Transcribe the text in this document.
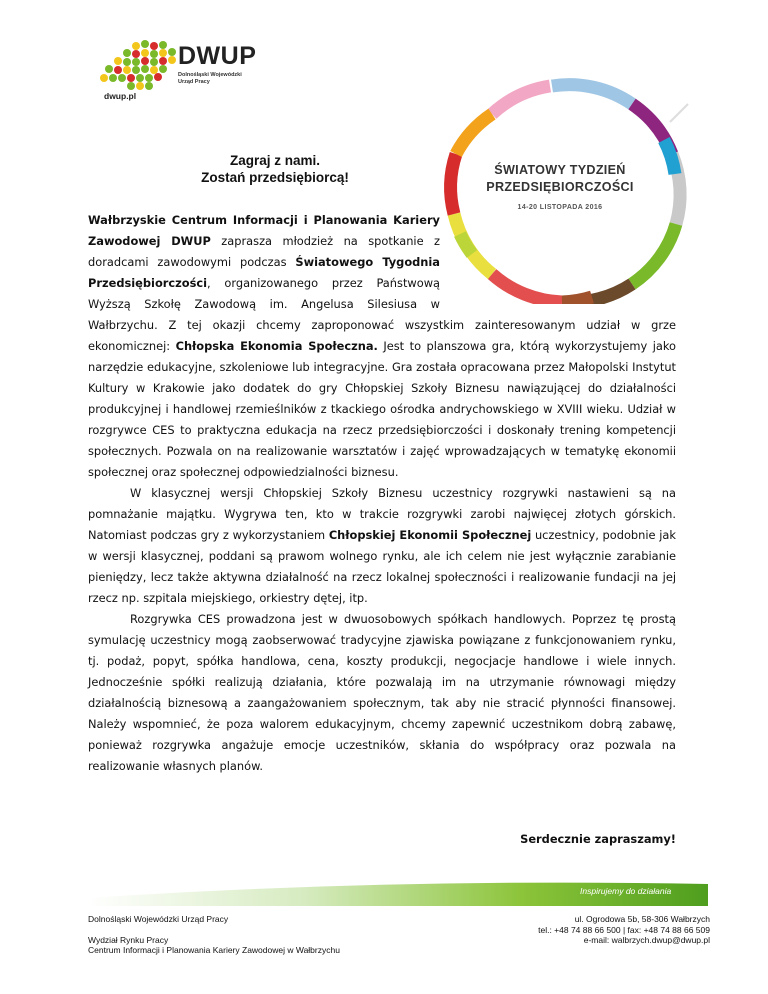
DWUP
Dolnośląski Wojewódzki
Urząd Pracy
dwup.pl
Zagraj z nami.
Zostań przedsiębiorcą!	ŚWIATOWY TYDZIEŃ
PRZEDSIĘBIORCZOŚCI
14-20 LISTOPADA 2016

Wałbrzyskie Centrum Informacji i Planowania Kariery Zawodowej DWUP zaprasza młodzież na spotkanie z doradcami zawodowymi podczas Światowego Tygodnia Przedsiębiorczości, organizowanego przez Państwową Wyższą Szkołę Zawodową im. Angelusa Silesiusa w Wałbrzychu. Z tej okazji chcemy zaproponować wszystkim zainteresowanym udział w grze ekonomicznej: Chłopska Ekonomia Społeczna. Jest to planszowa gra, którą wykorzystujemy jako narzędzie edukacyjne, szkoleniowe lub integracyjne. Gra została opracowana przez Małopolski Instytut Kultury w Krakowie jako dodatek do gry Chłopskiej Szkoły Biznesu nawiązującej do działalności produkcyjnej i handlowej rzemieślników z tkackiego ośrodka andrychowskiego w XVIII wieku. Udział w rozgrywce CES to praktyczna edukacja na rzecz przedsiębiorczości i doskonały trening kompetencji społecznych. Pozwala on na realizowanie warsztatów i zajęć wprowadzających w tematykę ekonomii społecznej oraz społecznej odpowiedzialności biznesu.

W klasycznej wersji Chłopskiej Szkoły Biznesu uczestnicy rozgrywki nastawieni są na pomnażanie majątku. Wygrywa ten, kto w trakcie rozgrywki zarobi najwięcej złotych górskich. Natomiast podczas gry z wykorzystaniem Chłopskiej Ekonomii Społecznej uczestnicy, podobnie jak w wersji klasycznej, poddani są prawom wolnego rynku, ale ich celem nie jest wyłącznie zarabianie pieniędzy, lecz także aktywna działalność na rzecz lokalnej społeczności i realizowanie fundacji na jej rzecz np. szpitala miejskiego, orkiestry dętej, itp.

Rozgrywka CES prowadzona jest w dwuosobowych spółkach handlowych. Poprzez tę prostą symulację uczestnicy mogą zaobserwować tradycyjne zjawiska powiązane z funkcjonowaniem rynku, tj. podaż, popyt, spółka handlowa, cena, koszty produkcji, negocjacje handlowe i wiele innych. Jednocześnie spółki realizują działania, które pozwalają im na utrzymanie równowagi między działalnością biznesową a zaangażowaniem społecznym, tak aby nie stracić płynności finansowej. Należy wspomnieć, że poza walorem edukacyjnym, chcemy zapewnić uczestnikom dobrą zabawę, ponieważ rozgrywka angażuje emocje uczestników, skłania do współpracy oraz pozwala na realizowanie własnych planów.

Serdecznie zapraszamy!
Inspirujemy do działania
Dolnośląski Wojewódzki Urząd Pracy
Wydział Rynku Pracy
Centrum Informacji i Planowania Kariery Zawodowej w Wałbrzychu
ul. Ogrodowa 5b, 58-306 Wałbrzych
tel.: +48 74 88 66 500 | fax: +48 74 88 66 509
e-mail: walbrzych.dwup@dwup.pl
